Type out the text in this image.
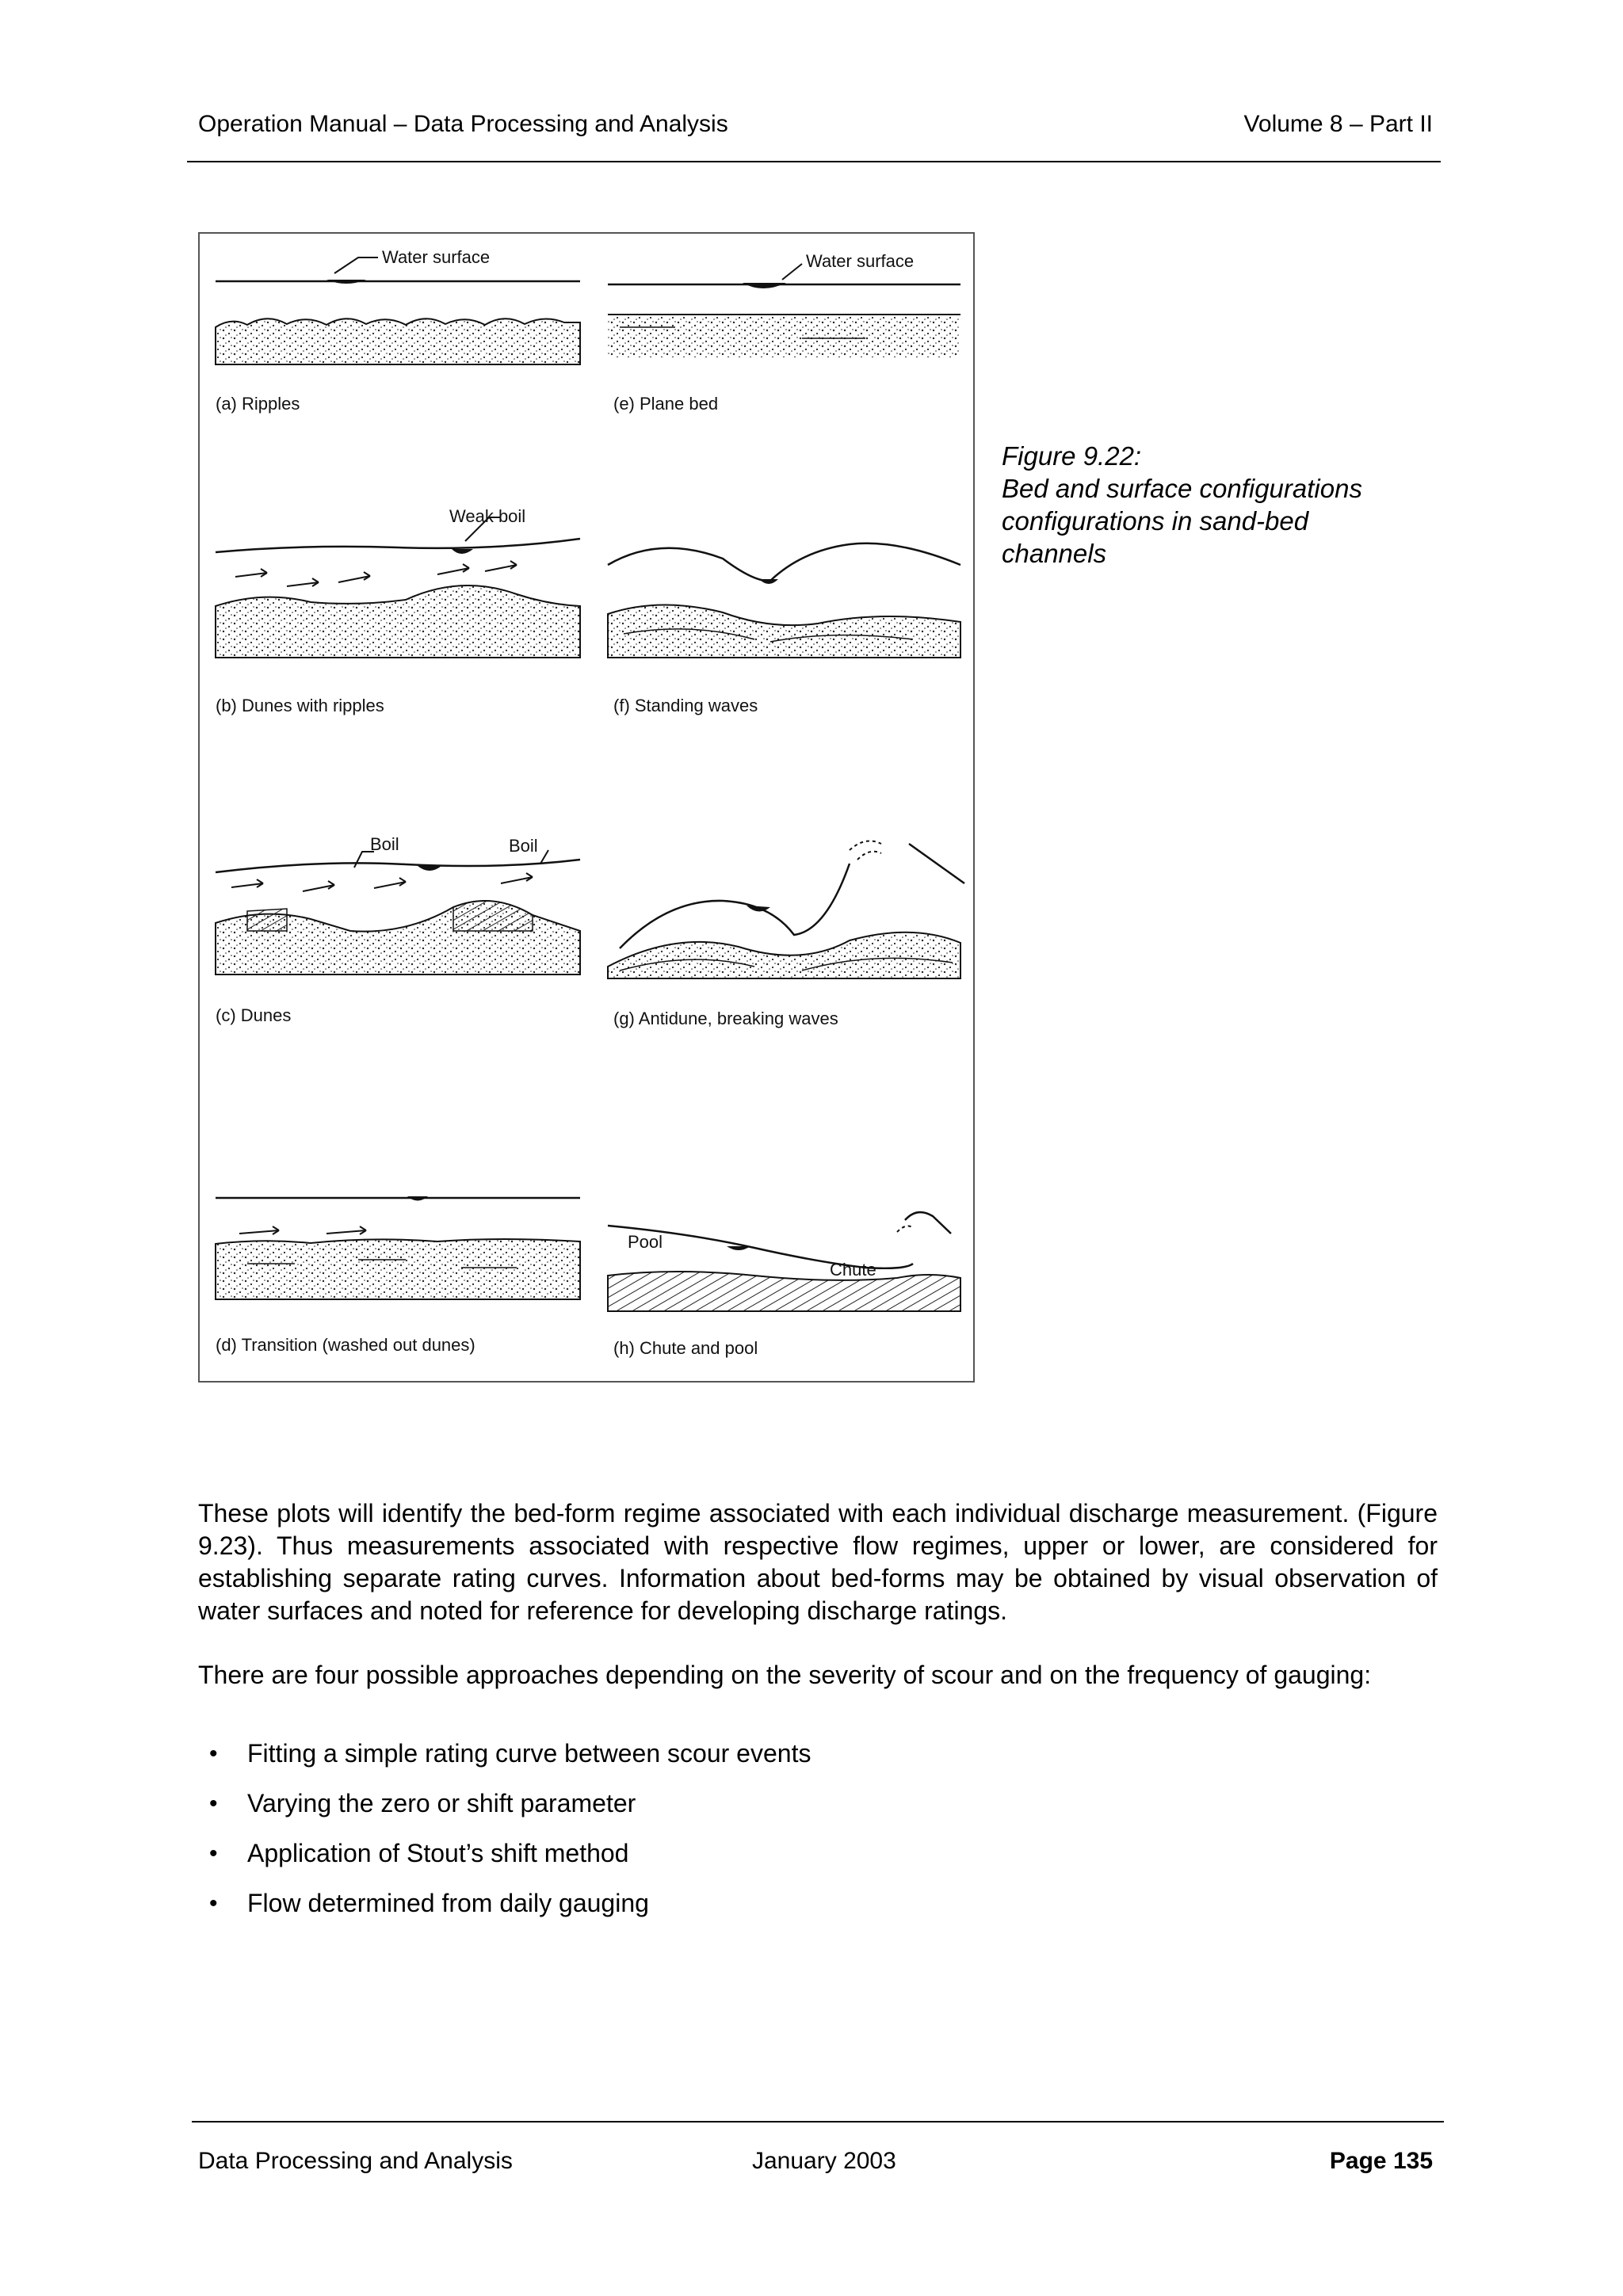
Operation Manual – Data Processing and Analysis	Volume 8 – Part II
Water surface
(a) Ripples
Water surface
(e) Plane bed
Weak boil
(b) Dunes with ripples	(f) Standing waves
Boil	Boil
(c) Dunes	(g) Antidune, breaking waves
(d) Transition (washed out dunes)
Pool
Chute
(h) Chute and pool
Figure 9.22:
Bed and surface configurations
configurations in sand-bed
channels

These plots will identify the bed-form regime associated with each individual discharge measurement. (Figure 9.23). Thus measurements associated with respective flow regimes, upper or lower, are considered for establishing separate rating curves. Information about bed-forms may be obtained by visual observation of water surfaces and noted for reference for developing discharge ratings.

There are four possible approaches depending on the severity of scour and on the frequency of gauging:

• Fitting a simple rating curve between scour events
• Varying the zero or shift parameter
• Application of Stout’s shift method
• Flow determined from daily gauging
Data Processing and Analysis	January 2003	Page 135
